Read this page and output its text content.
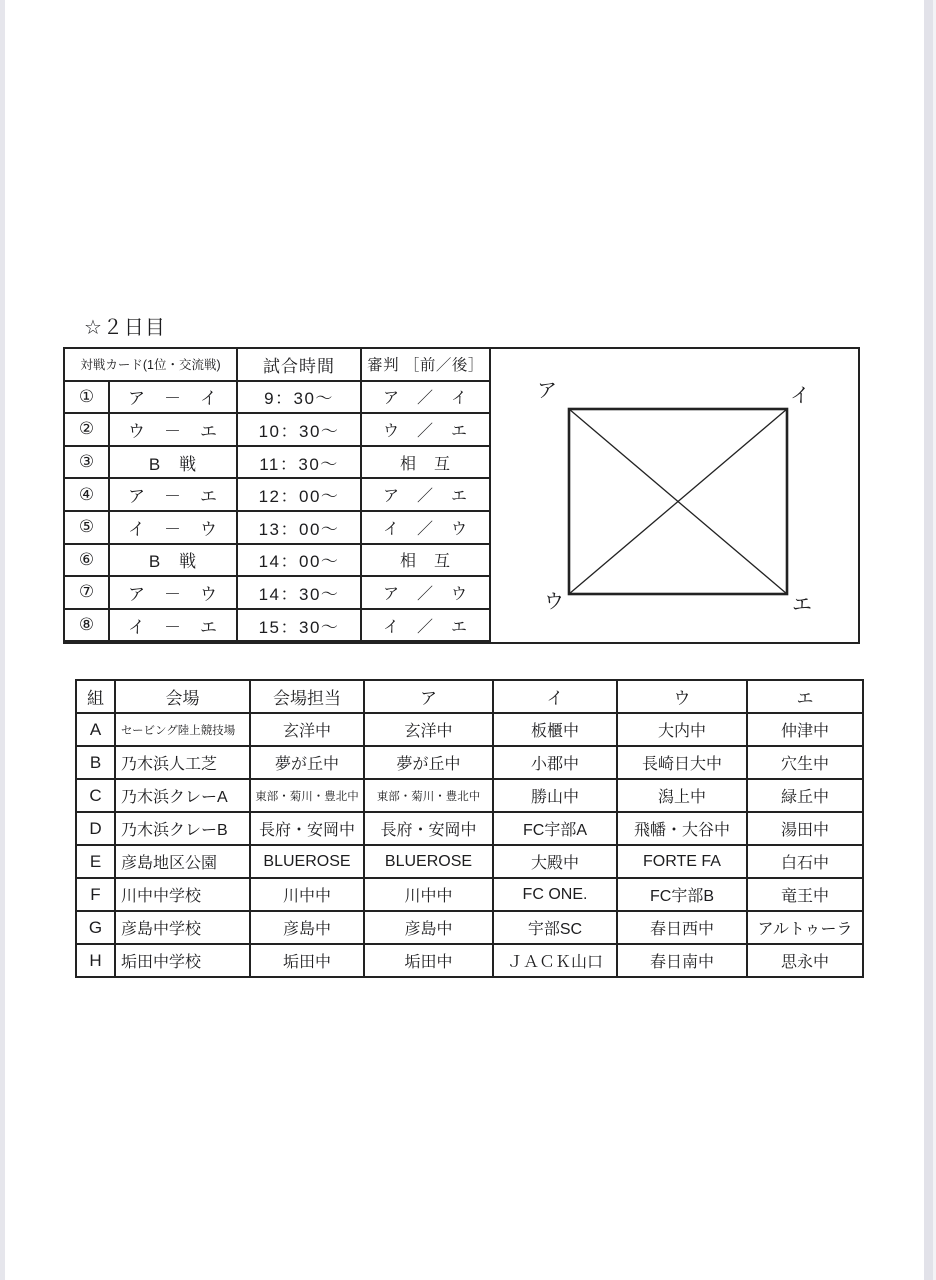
☆２日目
対戦カード(1位・交流戦)		試合時間	審判 ［前／後］
①	ア　－　イ	9：30～	ア　／　イ
②	ウ　－　エ	10：30～	ウ　／　エ
③	B　戦	11：30～	相　互
④	ア　－　エ	12：00～	ア　／　エ
⑤	イ　－　ウ	13：00～	イ　／　ウ
⑥	B　戦	14：00～	相　互
⑦	ア　－　ウ	14：30～	ア　／　ウ
⑧	イ　－　エ	15：30～	イ　／　エ
ア	イ
ウ	エ
組	会場	会場担当	ア	イ	ウ	エ
A	セービング陸上競技場	玄洋中	玄洋中	板櫃中	大内中	仲津中
B	乃木浜人工芝	夢が丘中	夢が丘中	小郡中	長崎日大中	穴生中
C	乃木浜クレーA	東部・菊川・豊北中	東部・菊川・豊北中	勝山中	潟上中	緑丘中
D	乃木浜クレーB	長府・安岡中	長府・安岡中	FC宇部A	飛幡・大谷中	湯田中
E	彦島地区公園	BLUEROSE	BLUEROSE	大殿中	FORTE FA	白石中
F	川中中学校	川中中	川中中	FC ONE.	FC宇部B	竜王中
G	彦島中学校	彦島中	彦島中	宇部SC	春日西中	アルトゥーラ
H	垢田中学校	垢田中	垢田中	ＪＡＣＫ山口	春日南中	思永中
